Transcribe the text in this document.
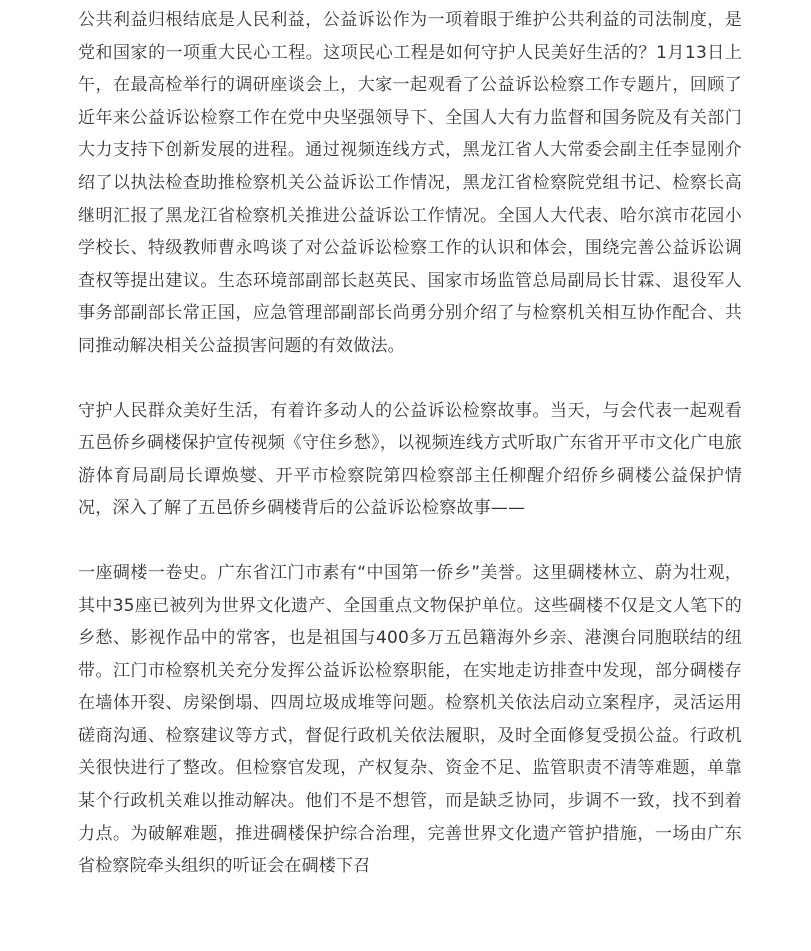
公共利益归根结底是人民利益，公益诉讼作为一项着眼于维护公共利益的司法制度，是党和国家的一项重大民心工程。这项民心工程是如何守护人民美好生活的？1月13日上午，在最高检举行的调研座谈会上，大家一起观看了公益诉讼检察工作专题片，回顾了近年来公益诉讼检察工作在党中央坚强领导下、全国人大有力监督和国务院及有关部门大力支持下创新发展的进程。通过视频连线方式，黑龙江省人大常委会副主任李显刚介绍了以执法检查助推检察机关公益诉讼工作情况，黑龙江省检察院党组书记、检察长高继明汇报了黑龙江省检察机关推进公益诉讼工作情况。全国人大代表、哈尔滨市花园小学校长、特级教师曹永鸣谈了对公益诉讼检察工作的认识和体会，围绕完善公益诉讼调查权等提出建议。生态环境部副部长赵英民、国家市场监管总局副局长甘霖、退役军人事务部副部长常正国，应急管理部副部长尚勇分别介绍了与检察机关相互协作配合、共同推动解决相关公益损害问题的有效做法。

守护人民群众美好生活，有着许多动人的公益诉讼检察故事。当天，与会代表一起观看五邑侨乡碉楼保护宣传视频《守住乡愁》，以视频连线方式听取广东省开平市文化广电旅游体育局副局长谭焕燮、开平市检察院第四检察部主任柳醒介绍侨乡碉楼公益保护情况，深入了解了五邑侨乡碉楼背后的公益诉讼检察故事——

一座碉楼一卷史。广东省江门市素有“中国第一侨乡”美誉。这里碉楼林立、蔚为壮观，其中35座已被列为世界文化遗产、全国重点文物保护单位。这些碉楼不仅是文人笔下的乡愁、影视作品中的常客，也是祖国与400多万五邑籍海外乡亲、港澳台同胞联结的纽带。江门市检察机关充分发挥公益诉讼检察职能，在实地走访排查中发现，部分碉楼存在墙体开裂、房梁倒塌、四周垃圾成堆等问题。检察机关依法启动立案程序，灵活运用磋商沟通、检察建议等方式，督促行政机关依法履职，及时全面修复受损公益。行政机关很快进行了整改。但检察官发现，产权复杂、资金不足、监管职责不清等难题，单靠某个行政机关难以推动解决。他们不是不想管，而是缺乏协同，步调不一致，找不到着力点。为破解难题，推进碉楼保护综合治理，完善世界文化遗产管护措施，一场由广东省检察院牵头组织的听证会在碉楼下召
